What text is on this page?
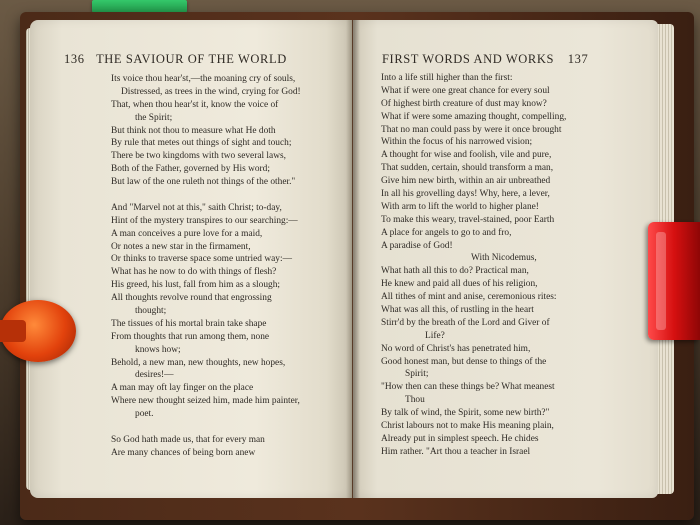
136 THE SAVIOUR OF THE WORLD	FIRST WORDS AND WORKS 137
Its voice thou hear'st,—the moaning cry of souls,
Distressed, as trees in the wind, crying for God!
That, when thou hear'st it, know the voice of
the Spirit;
But think not thou to measure what He doth
By rule that metes out things of sight and touch;
There be two kingdoms with two several laws,
Both of the Father, governed by His word;
But law of the one ruleth not things of the other."
And "Marvel not at this," saith Christ; to-day,
Hint of the mystery transpires to our searching:—
A man conceives a pure love for a maid,
Or notes a new star in the firmament,
Or thinks to traverse space some untried way:—
What has he now to do with things of flesh?
His greed, his lust, fall from him as a slough;
All thoughts revolve round that engrossing
thought;
The tissues of his mortal brain take shape
From thoughts that run among them, none
knows how;
Behold, a new man, new thoughts, new hopes,
desires!—
A man may oft lay finger on the place
Where new thought seized him, made him painter,
poet.
So God hath made us, that for every man
Are many chances of being born anew
Into a life still higher than the first:
What if were one great chance for every soul
Of highest birth creature of dust may know?
What if were some amazing thought, compelling,
That no man could pass by were it once brought
Within the focus of his narrowed vision;
A thought for wise and foolish, vile and pure,
That sudden, certain, should transform a man,
Give him new birth, within an air unbreathed
In all his grovelling days! Why, here, a lever,
With arm to lift the world to higher plane!
To make this weary, travel-stained, poor Earth
A place for angels to go to and fro,
A paradise of God!
With Nicodemus,
What hath all this to do? Practical man,
He knew and paid all dues of his religion,
All tithes of mint and anise, ceremonious rites:
What was all this, of rustling in the heart
Stirr'd by the breath of the Lord and Giver of
Life?
No word of Christ's has penetrated him,
Good honest man, but dense to things of the
Spirit;
"How then can these things be? What meanest
Thou
By talk of wind, the Spirit, some new birth?"
Christ labours not to make His meaning plain,
Already put in simplest speech. He chides
Him rather. "Art thou a teacher in Israel
